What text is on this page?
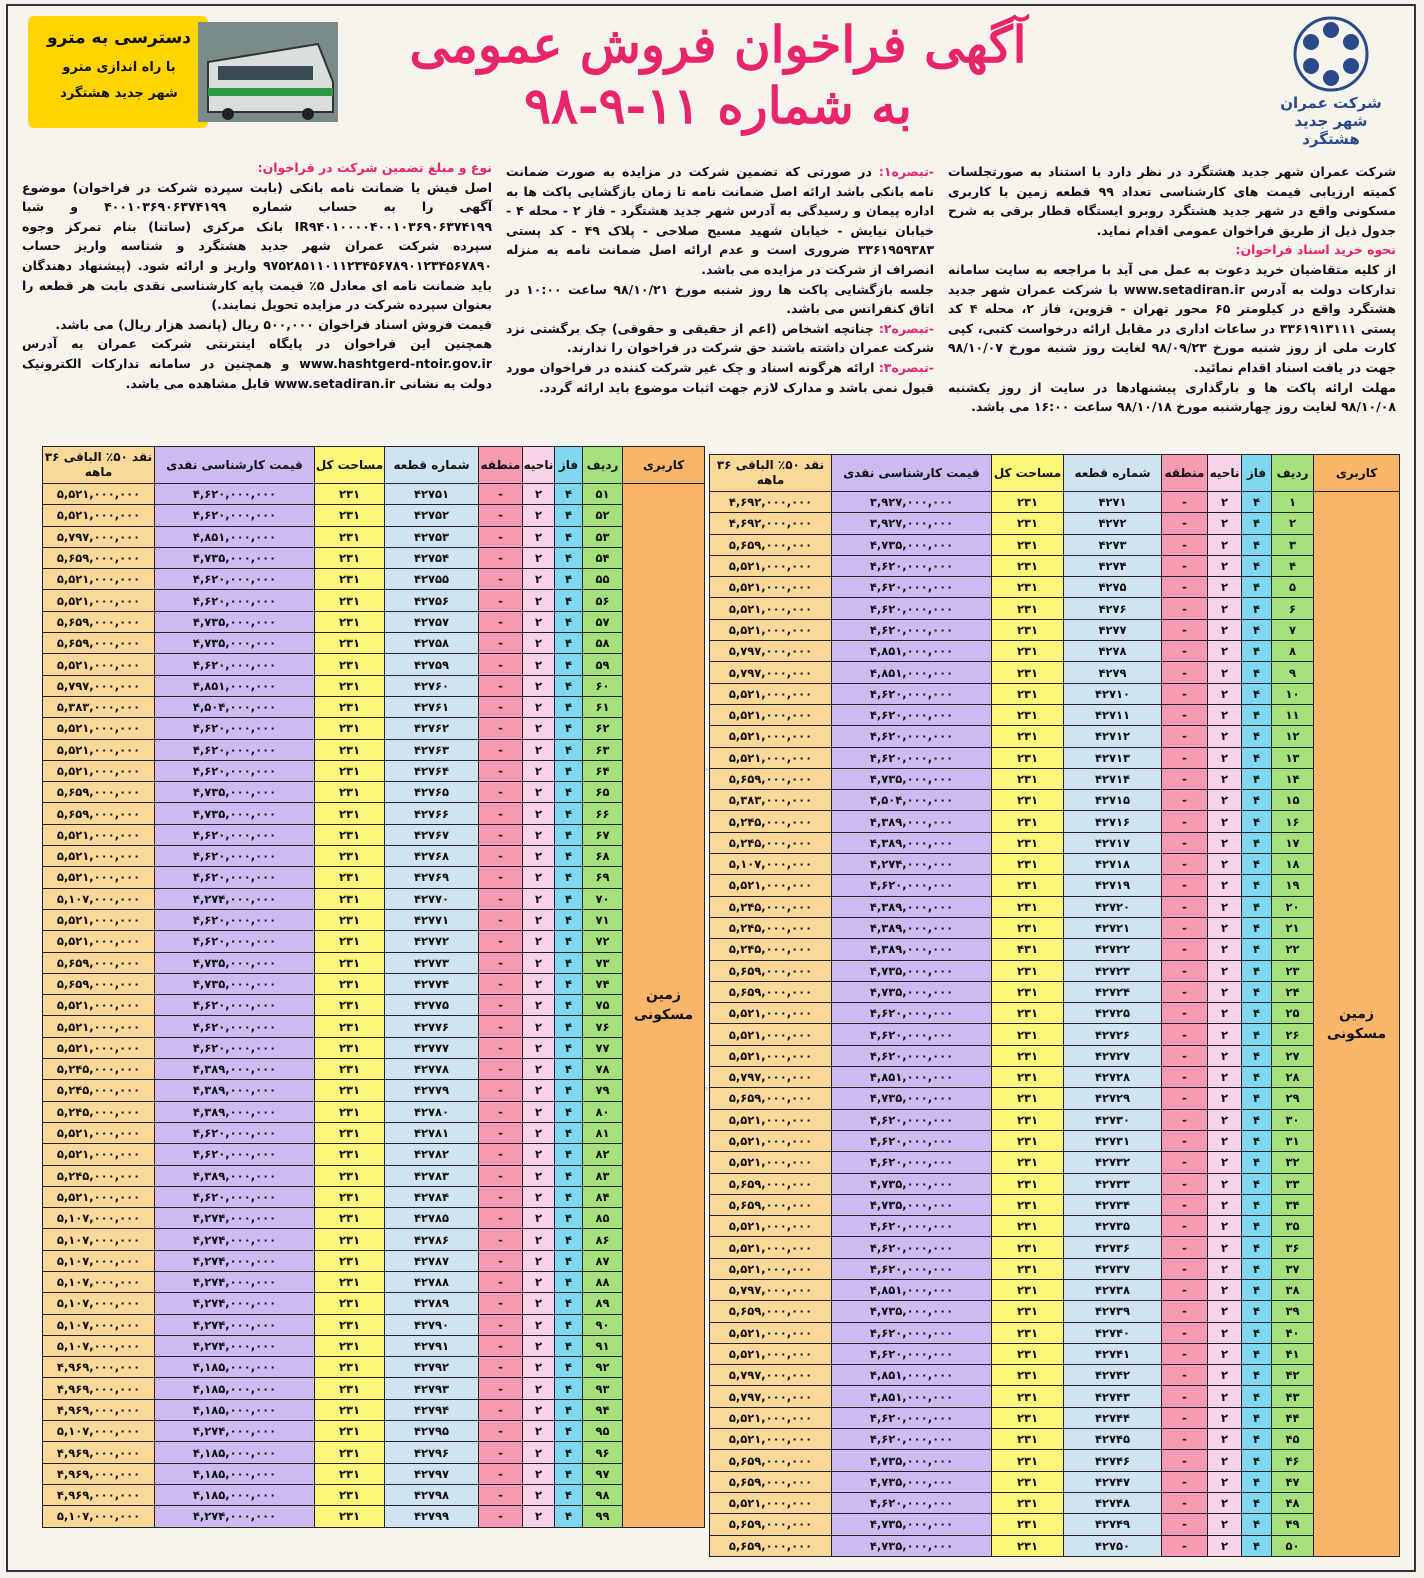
شرکت عمران
شهر جدید هشتگرد
آگهی فراخوان فروش عمومی
به شماره ۱۱-۹-۹۸
دسترسی به مترو
با راه اندازی مترو
شهر جدید هشتگرد

شرکت عمران شهر جدید هشتگرد در نظر دارد با استناد به صورتجلسات کمیته ارزیابی قیمت های کارشناسی تعداد ۹۹ قطعه زمین با کاربری مسکونی واقع در شهر جدید هشتگرد روبرو ایستگاه قطار برقی به شرح جدول ذیل از طریق فراخوان عمومی اقدام نماید.

نحوه خرید اسناد فراخوان:

از کلیه متقاضیان خرید دعوت به عمل می آید با مراجعه به سایت سامانه تدارکات دولت به آدرس www.setadiran.ir با شرکت عمران شهر جدید هشتگرد واقع در کیلومتر ۶۵ محور تهران - قزوین، فاز ۲، محله ۴ کد پستی ۳۳۶۱۹۱۳۱۱۱ در ساعات اداری در مقابل ارائه درخواست کتبی، کپی کارت ملی از روز شنبه مورخ ۹۸/۰۹/۲۳ لغایت روز شنبه مورخ ۹۸/۱۰/۰۷ جهت در یافت اسناد اقدام نمائید.

مهلت ارائه پاکت ها و بارگذاری پیشنهادها در سایت از روز یکشنبه ۹۸/۱۰/۰۸ لغایت روز چهارشنبه مورخ ۹۸/۱۰/۱۸ ساعت ۱۶:۰۰ می باشد.

-تبصره۱: در صورتی که تضمین شرکت در مزایده به صورت ضمانت نامه بانکی باشد ارائه اصل ضمانت نامه تا زمان بازگشایی پاکت ها به اداره پیمان و رسیدگی به آدرس شهر جدید هشتگرد - فاز ۲ - محله ۴ - خیابان نیایش - خیابان شهید مسیح صلاحی - پلاک ۴۹ - کد پستی ۳۳۶۱۹۵۹۳۸۳ ضروری است و عدم ارائه اصل ضمانت نامه به منزله انصراف از شرکت در مزایده می باشد.

جلسه بازگشایی پاکت ها روز شنبه مورخ ۹۸/۱۰/۲۱ ساعت ۱۰:۰۰ در اتاق کنفرانس می باشد.

-تبصره۲: چنانچه اشخاص (اعم از حقیقی و حقوقی) چک برگشتی نزد شرکت عمران داشته باشند حق شرکت در فراخوان را ندارند.

-تبصره۳: ارائه هرگونه اسناد و چک غیر شرکت کننده در فراخوان مورد قبول نمی باشد و مدارک لازم جهت اثبات موضوع باید ارائه گردد.

نوع و مبلغ تضمین شرکت در فراخوان:

اصل فیش یا ضمانت نامه بانکی (بابت سپرده شرکت در فراخوان) موضوع آگهی را به حساب شماره ۴۰۰۱۰۳۶۹۰۶۳۷۴۱۹۹ و شبا IR۹۴۰۱۰۰۰۰۴۰۰۱۰۳۶۹۰۶۳۷۴۱۹۹ بانک مرکزی (ساتنا) بنام تمرکز وجوه سپرده شرکت عمران شهر جدید هشتگرد و شناسه واریز حساب ۹۷۵۲۸۵۱۱۰۱۱۲۳۴۵۶۷۸۹۰۱۲۳۴۵۶۷۸۹۰ واریز و ارائه شود. (پیشنهاد دهندگان باید ضمانت نامه ای معادل ۵٪ قیمت پایه کارشناسی نقدی بابت هر قطعه را بعنوان سپرده شرکت در مزایده تحویل نمایند.)

قیمت فروش اسناد فراخوان ۵۰۰,۰۰۰ ریال (پانصد هزار ریال) می باشد.

همچنین این فراخوان در پایگاه اینترنتی شرکت عمران به آدرس www.hashtgerd-ntoir.gov.ir و همچنین در سامانه تدارکات الکترونیک دولت به نشانی www.setadiran.ir قابل مشاهده می باشد.

کاربری	ردیف	فاز	ناحیه	منطقه	شماره قطعه	مساحت کل	قیمت کارشناسی نقدی	نقد ۵۰٪ الباقی ۳۶ ماهه
زمین مسکونی	۱	۴	۲	-	۴۲۷۱	۲۳۱	۳,۹۲۷,۰۰۰,۰۰۰	۴,۶۹۲,۰۰۰,۰۰۰
	۲	۴	۲	-	۴۲۷۲	۲۳۱	۳,۹۲۷,۰۰۰,۰۰۰	۴,۶۹۲,۰۰۰,۰۰۰
	۳	۴	۲	-	۴۲۷۳	۲۳۱	۴,۷۳۵,۰۰۰,۰۰۰	۵,۶۵۹,۰۰۰,۰۰۰
	۴	۴	۲	-	۴۲۷۴	۲۳۱	۴,۶۲۰,۰۰۰,۰۰۰	۵,۵۲۱,۰۰۰,۰۰۰
	۵	۴	۲	-	۴۲۷۵	۲۳۱	۴,۶۲۰,۰۰۰,۰۰۰	۵,۵۲۱,۰۰۰,۰۰۰
	۶	۴	۲	-	۴۲۷۶	۲۳۱	۴,۶۲۰,۰۰۰,۰۰۰	۵,۵۲۱,۰۰۰,۰۰۰
	۷	۴	۲	-	۴۲۷۷	۲۳۱	۴,۶۲۰,۰۰۰,۰۰۰	۵,۵۲۱,۰۰۰,۰۰۰
	۸	۴	۲	-	۴۲۷۸	۲۳۱	۴,۸۵۱,۰۰۰,۰۰۰	۵,۷۹۷,۰۰۰,۰۰۰
	۹	۴	۲	-	۴۲۷۹	۲۳۱	۴,۸۵۱,۰۰۰,۰۰۰	۵,۷۹۷,۰۰۰,۰۰۰
	۱۰	۴	۲	-	۴۲۷۱۰	۲۳۱	۴,۶۲۰,۰۰۰,۰۰۰	۵,۵۲۱,۰۰۰,۰۰۰
	۱۱	۴	۲	-	۴۲۷۱۱	۲۳۱	۴,۶۲۰,۰۰۰,۰۰۰	۵,۵۲۱,۰۰۰,۰۰۰
	۱۲	۴	۲	-	۴۲۷۱۲	۲۳۱	۴,۶۲۰,۰۰۰,۰۰۰	۵,۵۲۱,۰۰۰,۰۰۰
	۱۳	۴	۲	-	۴۲۷۱۳	۲۳۱	۴,۶۲۰,۰۰۰,۰۰۰	۵,۵۲۱,۰۰۰,۰۰۰
	۱۴	۴	۲	-	۴۲۷۱۴	۲۳۱	۴,۷۳۵,۰۰۰,۰۰۰	۵,۶۵۹,۰۰۰,۰۰۰
	۱۵	۴	۲	-	۴۲۷۱۵	۲۳۱	۴,۵۰۴,۰۰۰,۰۰۰	۵,۳۸۳,۰۰۰,۰۰۰
	۱۶	۴	۲	-	۴۲۷۱۶	۲۳۱	۴,۳۸۹,۰۰۰,۰۰۰	۵,۲۴۵,۰۰۰,۰۰۰
	۱۷	۴	۲	-	۴۲۷۱۷	۲۳۱	۴,۳۸۹,۰۰۰,۰۰۰	۵,۲۴۵,۰۰۰,۰۰۰
	۱۸	۴	۲	-	۴۲۷۱۸	۲۳۱	۴,۲۷۴,۰۰۰,۰۰۰	۵,۱۰۷,۰۰۰,۰۰۰
	۱۹	۴	۲	-	۴۲۷۱۹	۲۳۱	۴,۶۲۰,۰۰۰,۰۰۰	۵,۵۲۱,۰۰۰,۰۰۰
	۲۰	۴	۲	-	۴۲۷۲۰	۲۳۱	۴,۳۸۹,۰۰۰,۰۰۰	۵,۲۴۵,۰۰۰,۰۰۰
	۲۱	۴	۲	-	۴۲۷۲۱	۲۳۱	۴,۳۸۹,۰۰۰,۰۰۰	۵,۲۴۵,۰۰۰,۰۰۰
	۲۲	۴	۲	-	۴۲۷۲۲	۴۳۱	۴,۳۸۹,۰۰۰,۰۰۰	۵,۲۴۵,۰۰۰,۰۰۰
	۲۳	۴	۲	-	۴۲۷۲۳	۲۳۱	۴,۷۳۵,۰۰۰,۰۰۰	۵,۶۵۹,۰۰۰,۰۰۰
	۲۴	۴	۲	-	۴۲۷۲۴	۲۳۱	۴,۷۳۵,۰۰۰,۰۰۰	۵,۶۵۹,۰۰۰,۰۰۰
	۲۵	۴	۲	-	۴۲۷۲۵	۲۳۱	۴,۶۲۰,۰۰۰,۰۰۰	۵,۵۲۱,۰۰۰,۰۰۰
	۲۶	۴	۲	-	۴۲۷۲۶	۲۳۱	۴,۶۲۰,۰۰۰,۰۰۰	۵,۵۲۱,۰۰۰,۰۰۰
	۲۷	۴	۲	-	۴۲۷۲۷	۲۳۱	۴,۶۲۰,۰۰۰,۰۰۰	۵,۵۲۱,۰۰۰,۰۰۰
	۲۸	۴	۲	-	۴۲۷۲۸	۲۳۱	۴,۸۵۱,۰۰۰,۰۰۰	۵,۷۹۷,۰۰۰,۰۰۰
	۲۹	۴	۲	-	۴۲۷۲۹	۲۳۱	۴,۷۳۵,۰۰۰,۰۰۰	۵,۶۵۹,۰۰۰,۰۰۰
	۳۰	۴	۲	-	۴۲۷۳۰	۲۳۱	۴,۶۲۰,۰۰۰,۰۰۰	۵,۵۲۱,۰۰۰,۰۰۰
	۳۱	۴	۲	-	۴۲۷۳۱	۲۳۱	۴,۶۲۰,۰۰۰,۰۰۰	۵,۵۲۱,۰۰۰,۰۰۰
	۳۲	۴	۲	-	۴۲۷۳۲	۲۳۱	۴,۶۲۰,۰۰۰,۰۰۰	۵,۵۲۱,۰۰۰,۰۰۰
	۳۳	۴	۲	-	۴۲۷۳۳	۲۳۱	۴,۷۳۵,۰۰۰,۰۰۰	۵,۶۵۹,۰۰۰,۰۰۰
	۳۴	۴	۲	-	۴۲۷۳۴	۲۳۱	۴,۷۳۵,۰۰۰,۰۰۰	۵,۶۵۹,۰۰۰,۰۰۰
	۳۵	۴	۲	-	۴۲۷۳۵	۲۳۱	۴,۶۲۰,۰۰۰,۰۰۰	۵,۵۲۱,۰۰۰,۰۰۰
	۳۶	۴	۲	-	۴۲۷۳۶	۲۳۱	۴,۶۲۰,۰۰۰,۰۰۰	۵,۵۲۱,۰۰۰,۰۰۰
	۳۷	۴	۲	-	۴۲۷۳۷	۲۳۱	۴,۶۲۰,۰۰۰,۰۰۰	۵,۵۲۱,۰۰۰,۰۰۰
	۳۸	۴	۲	-	۴۲۷۳۸	۲۳۱	۴,۸۵۱,۰۰۰,۰۰۰	۵,۷۹۷,۰۰۰,۰۰۰
	۳۹	۴	۲	-	۴۲۷۳۹	۲۳۱	۴,۷۳۵,۰۰۰,۰۰۰	۵,۶۵۹,۰۰۰,۰۰۰
	۴۰	۴	۲	-	۴۲۷۴۰	۲۳۱	۴,۶۲۰,۰۰۰,۰۰۰	۵,۵۲۱,۰۰۰,۰۰۰
	۴۱	۴	۲	-	۴۲۷۴۱	۲۳۱	۴,۶۲۰,۰۰۰,۰۰۰	۵,۵۲۱,۰۰۰,۰۰۰
	۴۲	۴	۲	-	۴۲۷۴۲	۲۳۱	۴,۸۵۱,۰۰۰,۰۰۰	۵,۷۹۷,۰۰۰,۰۰۰
	۴۳	۴	۲	-	۴۲۷۴۳	۲۳۱	۴,۸۵۱,۰۰۰,۰۰۰	۵,۷۹۷,۰۰۰,۰۰۰
	۴۴	۴	۲	-	۴۲۷۴۴	۲۳۱	۴,۶۲۰,۰۰۰,۰۰۰	۵,۵۲۱,۰۰۰,۰۰۰
	۴۵	۴	۲	-	۴۲۷۴۵	۲۳۱	۴,۶۲۰,۰۰۰,۰۰۰	۵,۵۲۱,۰۰۰,۰۰۰
	۴۶	۴	۲	-	۴۲۷۴۶	۲۳۱	۴,۷۳۵,۰۰۰,۰۰۰	۵,۶۵۹,۰۰۰,۰۰۰
	۴۷	۴	۲	-	۴۲۷۴۷	۲۳۱	۴,۷۳۵,۰۰۰,۰۰۰	۵,۶۵۹,۰۰۰,۰۰۰
	۴۸	۴	۲	-	۴۲۷۴۸	۲۳۱	۴,۶۲۰,۰۰۰,۰۰۰	۵,۵۲۱,۰۰۰,۰۰۰
	۴۹	۴	۲	-	۴۲۷۴۹	۲۳۱	۴,۷۳۵,۰۰۰,۰۰۰	۵,۶۵۹,۰۰۰,۰۰۰
	۵۰	۴	۲	-	۴۲۷۵۰	۲۳۱	۴,۷۳۵,۰۰۰,۰۰۰	۵,۶۵۹,۰۰۰,۰۰۰
کاربری	ردیف	فاز	ناحیه	منطقه	شماره قطعه	مساحت کل	قیمت کارشناسی نقدی	نقد ۵۰٪ الباقی ۳۶ ماهه
زمین مسکونی	۵۱	۴	۲	-	۴۲۷۵۱	۲۳۱	۴,۶۲۰,۰۰۰,۰۰۰	۵,۵۲۱,۰۰۰,۰۰۰
	۵۲	۴	۲	-	۴۲۷۵۲	۲۳۱	۴,۶۲۰,۰۰۰,۰۰۰	۵,۵۲۱,۰۰۰,۰۰۰
	۵۳	۴	۲	-	۴۲۷۵۳	۲۳۱	۴,۸۵۱,۰۰۰,۰۰۰	۵,۷۹۷,۰۰۰,۰۰۰
	۵۴	۴	۲	-	۴۲۷۵۴	۲۳۱	۴,۷۳۵,۰۰۰,۰۰۰	۵,۶۵۹,۰۰۰,۰۰۰
	۵۵	۴	۲	-	۴۲۷۵۵	۲۳۱	۴,۶۲۰,۰۰۰,۰۰۰	۵,۵۲۱,۰۰۰,۰۰۰
	۵۶	۴	۲	-	۴۲۷۵۶	۲۳۱	۴,۶۲۰,۰۰۰,۰۰۰	۵,۵۲۱,۰۰۰,۰۰۰
	۵۷	۴	۲	-	۴۲۷۵۷	۲۳۱	۴,۷۳۵,۰۰۰,۰۰۰	۵,۶۵۹,۰۰۰,۰۰۰
	۵۸	۴	۲	-	۴۲۷۵۸	۲۳۱	۴,۷۳۵,۰۰۰,۰۰۰	۵,۶۵۹,۰۰۰,۰۰۰
	۵۹	۴	۲	-	۴۲۷۵۹	۲۳۱	۴,۶۲۰,۰۰۰,۰۰۰	۵,۵۲۱,۰۰۰,۰۰۰
	۶۰	۴	۲	-	۴۲۷۶۰	۲۳۱	۴,۸۵۱,۰۰۰,۰۰۰	۵,۷۹۷,۰۰۰,۰۰۰
	۶۱	۴	۲	-	۴۲۷۶۱	۲۳۱	۴,۵۰۴,۰۰۰,۰۰۰	۵,۳۸۳,۰۰۰,۰۰۰
	۶۲	۴	۲	-	۴۲۷۶۲	۲۳۱	۴,۶۲۰,۰۰۰,۰۰۰	۵,۵۲۱,۰۰۰,۰۰۰
	۶۳	۴	۲	-	۴۲۷۶۳	۲۳۱	۴,۶۲۰,۰۰۰,۰۰۰	۵,۵۲۱,۰۰۰,۰۰۰
	۶۴	۴	۲	-	۴۲۷۶۴	۲۳۱	۴,۶۲۰,۰۰۰,۰۰۰	۵,۵۲۱,۰۰۰,۰۰۰
	۶۵	۴	۲	-	۴۲۷۶۵	۲۳۱	۴,۷۳۵,۰۰۰,۰۰۰	۵,۶۵۹,۰۰۰,۰۰۰
	۶۶	۴	۲	-	۴۲۷۶۶	۲۳۱	۴,۷۳۵,۰۰۰,۰۰۰	۵,۶۵۹,۰۰۰,۰۰۰
	۶۷	۴	۲	-	۴۲۷۶۷	۲۳۱	۴,۶۲۰,۰۰۰,۰۰۰	۵,۵۲۱,۰۰۰,۰۰۰
	۶۸	۴	۲	-	۴۲۷۶۸	۲۳۱	۴,۶۲۰,۰۰۰,۰۰۰	۵,۵۲۱,۰۰۰,۰۰۰
	۶۹	۴	۲	-	۴۲۷۶۹	۲۳۱	۴,۶۲۰,۰۰۰,۰۰۰	۵,۵۲۱,۰۰۰,۰۰۰
	۷۰	۴	۲	-	۴۲۷۷۰	۲۳۱	۴,۲۷۴,۰۰۰,۰۰۰	۵,۱۰۷,۰۰۰,۰۰۰
	۷۱	۴	۲	-	۴۲۷۷۱	۲۳۱	۴,۶۲۰,۰۰۰,۰۰۰	۵,۵۲۱,۰۰۰,۰۰۰
	۷۲	۴	۲	-	۴۲۷۷۲	۲۳۱	۴,۶۲۰,۰۰۰,۰۰۰	۵,۵۲۱,۰۰۰,۰۰۰
	۷۳	۴	۲	-	۴۲۷۷۳	۲۳۱	۴,۷۳۵,۰۰۰,۰۰۰	۵,۶۵۹,۰۰۰,۰۰۰
	۷۴	۴	۲	-	۴۲۷۷۴	۲۳۱	۴,۷۳۵,۰۰۰,۰۰۰	۵,۶۵۹,۰۰۰,۰۰۰
	۷۵	۴	۲	-	۴۲۷۷۵	۲۳۱	۴,۶۲۰,۰۰۰,۰۰۰	۵,۵۲۱,۰۰۰,۰۰۰
	۷۶	۴	۲	-	۴۲۷۷۶	۲۳۱	۴,۶۲۰,۰۰۰,۰۰۰	۵,۵۲۱,۰۰۰,۰۰۰
	۷۷	۴	۲	-	۴۲۷۷۷	۲۳۱	۴,۶۲۰,۰۰۰,۰۰۰	۵,۵۲۱,۰۰۰,۰۰۰
	۷۸	۴	۲	-	۴۲۷۷۸	۲۳۱	۴,۳۸۹,۰۰۰,۰۰۰	۵,۲۴۵,۰۰۰,۰۰۰
	۷۹	۴	۲	-	۴۲۷۷۹	۲۳۱	۴,۳۸۹,۰۰۰,۰۰۰	۵,۲۴۵,۰۰۰,۰۰۰
	۸۰	۴	۲	-	۴۲۷۸۰	۲۳۱	۴,۳۸۹,۰۰۰,۰۰۰	۵,۲۴۵,۰۰۰,۰۰۰
	۸۱	۴	۲	-	۴۲۷۸۱	۲۳۱	۴,۶۲۰,۰۰۰,۰۰۰	۵,۵۲۱,۰۰۰,۰۰۰
	۸۲	۴	۲	-	۴۲۷۸۲	۲۳۱	۴,۶۲۰,۰۰۰,۰۰۰	۵,۵۲۱,۰۰۰,۰۰۰
	۸۳	۴	۲	-	۴۲۷۸۳	۲۳۱	۴,۳۸۹,۰۰۰,۰۰۰	۵,۲۴۵,۰۰۰,۰۰۰
	۸۴	۴	۲	-	۴۲۷۸۴	۲۳۱	۴,۶۲۰,۰۰۰,۰۰۰	۵,۵۲۱,۰۰۰,۰۰۰
	۸۵	۴	۲	-	۴۲۷۸۵	۲۳۱	۴,۲۷۴,۰۰۰,۰۰۰	۵,۱۰۷,۰۰۰,۰۰۰
	۸۶	۴	۲	-	۴۲۷۸۶	۲۳۱	۴,۲۷۴,۰۰۰,۰۰۰	۵,۱۰۷,۰۰۰,۰۰۰
	۸۷	۴	۲	-	۴۲۷۸۷	۲۳۱	۴,۲۷۴,۰۰۰,۰۰۰	۵,۱۰۷,۰۰۰,۰۰۰
	۸۸	۴	۲	-	۴۲۷۸۸	۲۳۱	۴,۲۷۴,۰۰۰,۰۰۰	۵,۱۰۷,۰۰۰,۰۰۰
	۸۹	۴	۲	-	۴۲۷۸۹	۲۳۱	۴,۲۷۴,۰۰۰,۰۰۰	۵,۱۰۷,۰۰۰,۰۰۰
	۹۰	۴	۲	-	۴۲۷۹۰	۲۳۱	۴,۲۷۴,۰۰۰,۰۰۰	۵,۱۰۷,۰۰۰,۰۰۰
	۹۱	۴	۲	-	۴۲۷۹۱	۲۳۱	۴,۲۷۴,۰۰۰,۰۰۰	۵,۱۰۷,۰۰۰,۰۰۰
	۹۲	۴	۲	-	۴۲۷۹۲	۲۳۱	۴,۱۸۵,۰۰۰,۰۰۰	۴,۹۶۹,۰۰۰,۰۰۰
	۹۳	۴	۲	-	۴۲۷۹۳	۲۳۱	۴,۱۸۵,۰۰۰,۰۰۰	۴,۹۶۹,۰۰۰,۰۰۰
	۹۴	۴	۲	-	۴۲۷۹۴	۲۳۱	۴,۱۸۵,۰۰۰,۰۰۰	۴,۹۶۹,۰۰۰,۰۰۰
	۹۵	۴	۲	-	۴۲۷۹۵	۲۳۱	۴,۲۷۴,۰۰۰,۰۰۰	۵,۱۰۷,۰۰۰,۰۰۰
	۹۶	۴	۲	-	۴۲۷۹۶	۲۳۱	۴,۱۸۵,۰۰۰,۰۰۰	۴,۹۶۹,۰۰۰,۰۰۰
	۹۷	۴	۲	-	۴۲۷۹۷	۲۳۱	۴,۱۸۵,۰۰۰,۰۰۰	۴,۹۶۹,۰۰۰,۰۰۰
	۹۸	۴	۲	-	۴۲۷۹۸	۲۳۱	۴,۱۸۵,۰۰۰,۰۰۰	۴,۹۶۹,۰۰۰,۰۰۰
	۹۹	۴	۲	-	۴۲۷۹۹	۲۳۱	۴,۲۷۴,۰۰۰,۰۰۰	۵,۱۰۷,۰۰۰,۰۰۰
